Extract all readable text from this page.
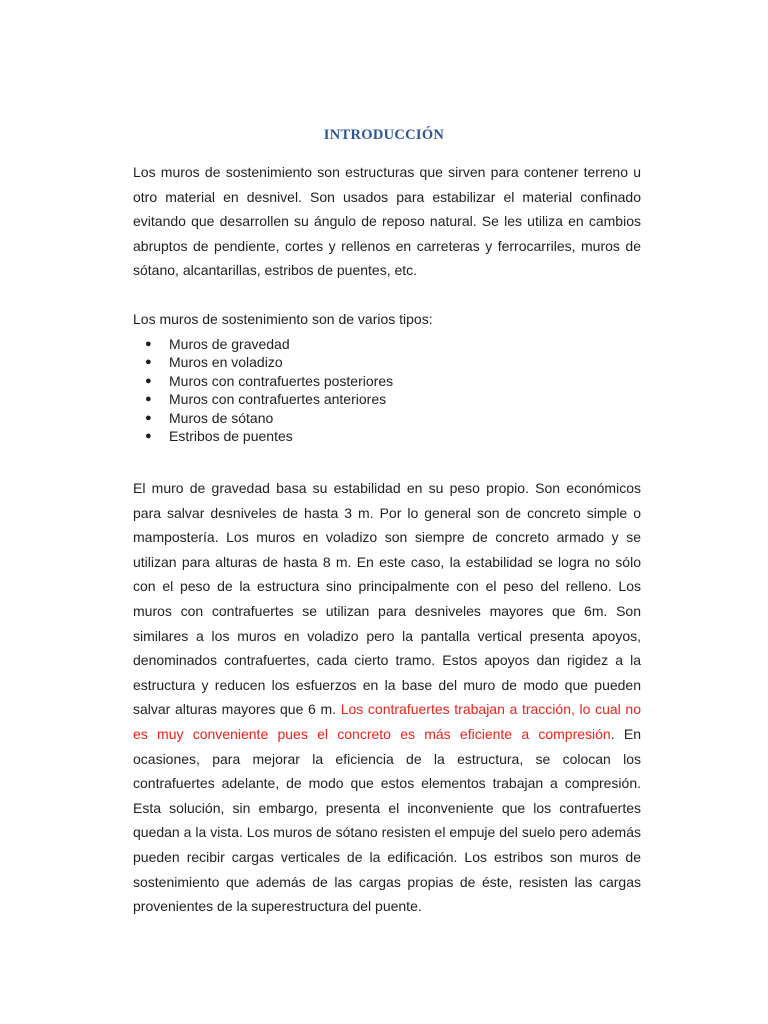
INTRODUCCIÓN
Los muros de sostenimiento son estructuras que sirven para contener terreno u otro material en desnivel. Son usados para estabilizar el material confinado evitando que desarrollen su ángulo de reposo natural. Se les utiliza en cambios abruptos de pendiente, cortes y rellenos en carreteras y ferrocarriles, muros de sótano, alcantarillas, estribos de puentes, etc.
Los muros de sostenimiento son de varios tipos:
● Muros de gravedad
● Muros en voladizo
● Muros con contrafuertes posteriores
● Muros con contrafuertes anteriores
● Muros de sótano
● Estribos de puentes
El muro de gravedad basa su estabilidad en su peso propio. Son económicos para salvar desniveles de hasta 3 m. Por lo general son de concreto simple o mampostería. Los muros en voladizo son siempre de concreto armado y se utilizan para alturas de hasta 8 m. En este caso, la estabilidad se logra no sólo con el peso de la estructura sino principalmente con el peso del relleno. Los muros con contrafuertes se utilizan para desniveles mayores que 6m. Son similares a los muros en voladizo pero la pantalla vertical presenta apoyos, denominados contrafuertes, cada cierto tramo. Estos apoyos dan rigidez a la estructura y reducen los esfuerzos en la base del muro de modo que pueden salvar alturas mayores que 6 m. Los contrafuertes trabajan a tracción, lo cual no es muy conveniente pues el concreto es más eficiente a compresión. En ocasiones, para mejorar la eficiencia de la estructura, se colocan los contrafuertes adelante, de modo que estos elementos trabajan a compresión. Esta solución, sin embargo, presenta el inconveniente que los contrafuertes quedan a la vista. Los muros de sótano resisten el empuje del suelo pero además pueden recibir cargas verticales de la edificación. Los estribos son muros de sostenimiento que además de las cargas propias de éste, resisten las cargas provenientes de la superestructura del puente.
